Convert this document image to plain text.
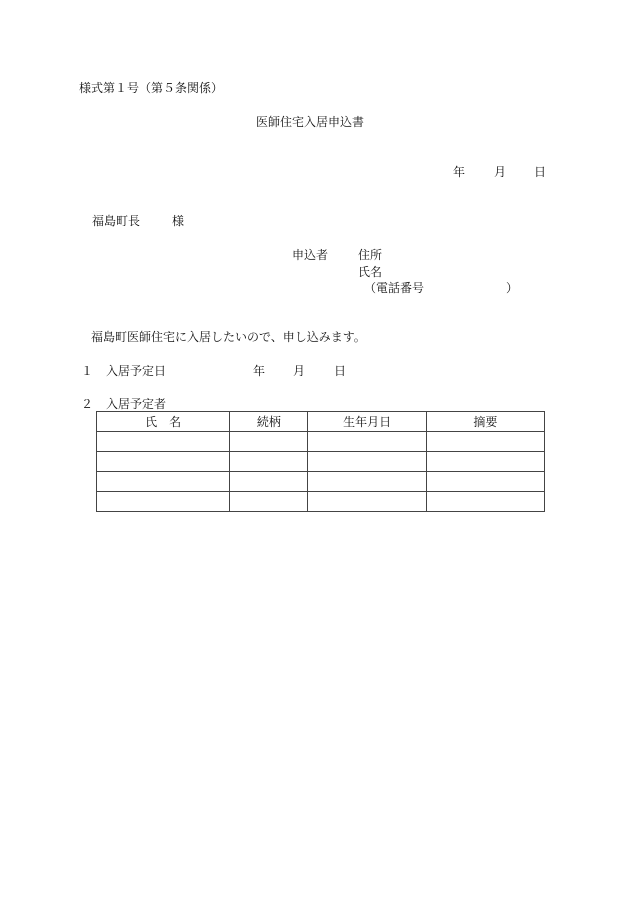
様式第１号（第５条関係）
医師住宅入居申込書
年 月 日
福島町長	様
申込者 住所
氏名
（電話番号	）
福島町医師住宅に入居したいので、申し込みます。
１ 入居予定日	年 月 日
２ 入居予定者
氏　名	続柄	生年月日	摘要
